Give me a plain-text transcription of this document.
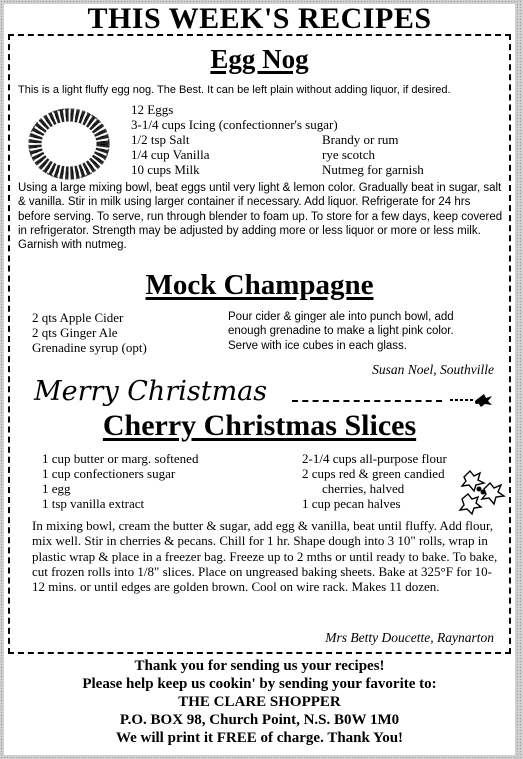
THIS WEEK'S RECIPES
Egg Nog
This is a light fluffy egg nog. The Best. It can be left plain without adding liquor, if desired.
12 Eggs
3-1/4 cups Icing (confectionner's sugar)
1/2 tsp Salt	Brandy or rum
1/4 cup Vanilla	rye scotch
10 cups Milk	Nutmeg for garnish
Using a large mixing bowl, beat eggs until very light & lemon color. Gradually beat in sugar, salt & vanilla. Stir in milk using larger container if necessary. Add liquor. Refrigerate for 24 hrs before serving. To serve, run through blender to foam up. To store for a few days, keep covered in refrigerator. Strength may be adjusted by adding more or less liquor or more or less milk. Garnish with nutmeg.
Mock Champagne
2 qts Apple Cider
2 qts Ginger Ale
Grenadine syrup (opt)
Pour cider & ginger ale into punch bowl, add enough grenadine to make a light pink color. Serve with ice cubes in each glass.
Susan Noel, Southville
Merry Christmas
Cherry Christmas Slices
1 cup butter or marg. softened
1 cup confectioners sugar
1 egg
1 tsp vanilla extract
2-1/4 cups all-purpose flour
2 cups red & green candied
cherries, halved
1 cup pecan halves
In mixing bowl, cream the butter & sugar, add egg & vanilla, beat until fluffy. Add flour, mix well. Stir in cherries & pecans. Chill for 1 hr. Shape dough into 3 10" rolls, wrap in plastic wrap & place in a freezer bag. Freeze up to 2 mths or until ready to bake. To bake, cut frozen rolls into 1/8" slices. Place on ungreased baking sheets. Bake at 325°F for 10-12 mins. or until edges are golden brown. Cool on wire rack. Makes 11 dozen.
Mrs Betty Doucette, Raynarton
Thank you for sending us your recipes!
Please help keep us cookin' by sending your favorite to:
THE CLARE SHOPPER
P.O. BOX 98, Church Point, N.S. B0W 1M0
We will print it FREE of charge. Thank You!
